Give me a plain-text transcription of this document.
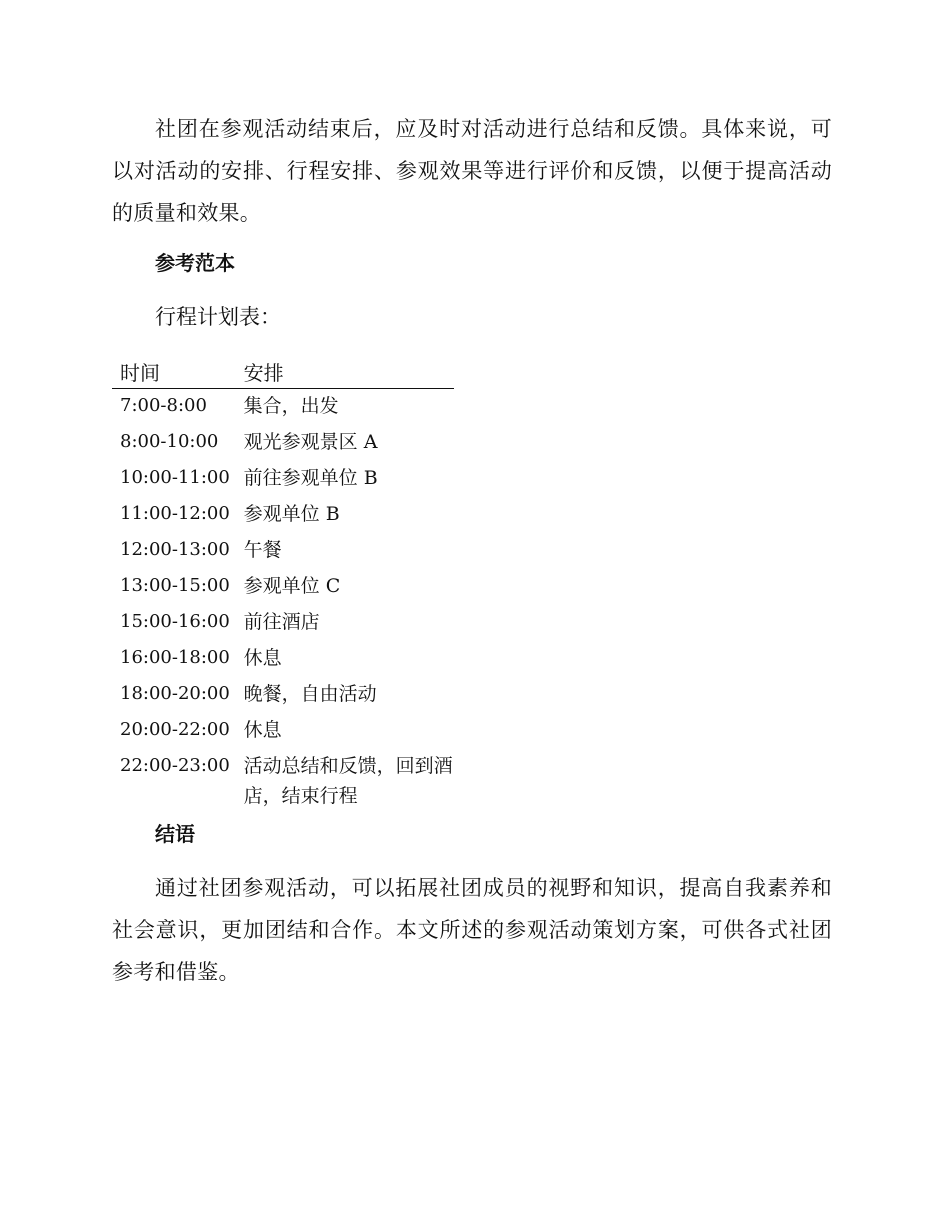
社团在参观活动结束后，应及时对活动进行总结和反馈。具体来说，可以对活动的安排、行程安排、参观效果等进行评价和反馈，以便于提高活动的质量和效果。

参考范本

行程计划表：

时间	安排
7:00-8:00	集合，出发
8:00-10:00	观光参观景区 A
10:00-11:00	前往参观单位 B
11:00-12:00	参观单位 B
12:00-13:00	午餐
13:00-15:00	参观单位 C
15:00-16:00	前往酒店
16:00-18:00	休息
18:00-20:00	晚餐，自由活动
20:00-22:00	休息
22:00-23:00	活动总结和反馈，回到酒店，结束行程

结语

通过社团参观活动，可以拓展社团成员的视野和知识，提高自我素养和社会意识，更加团结和合作。本文所述的参观活动策划方案，可供各式社团参考和借鉴。
